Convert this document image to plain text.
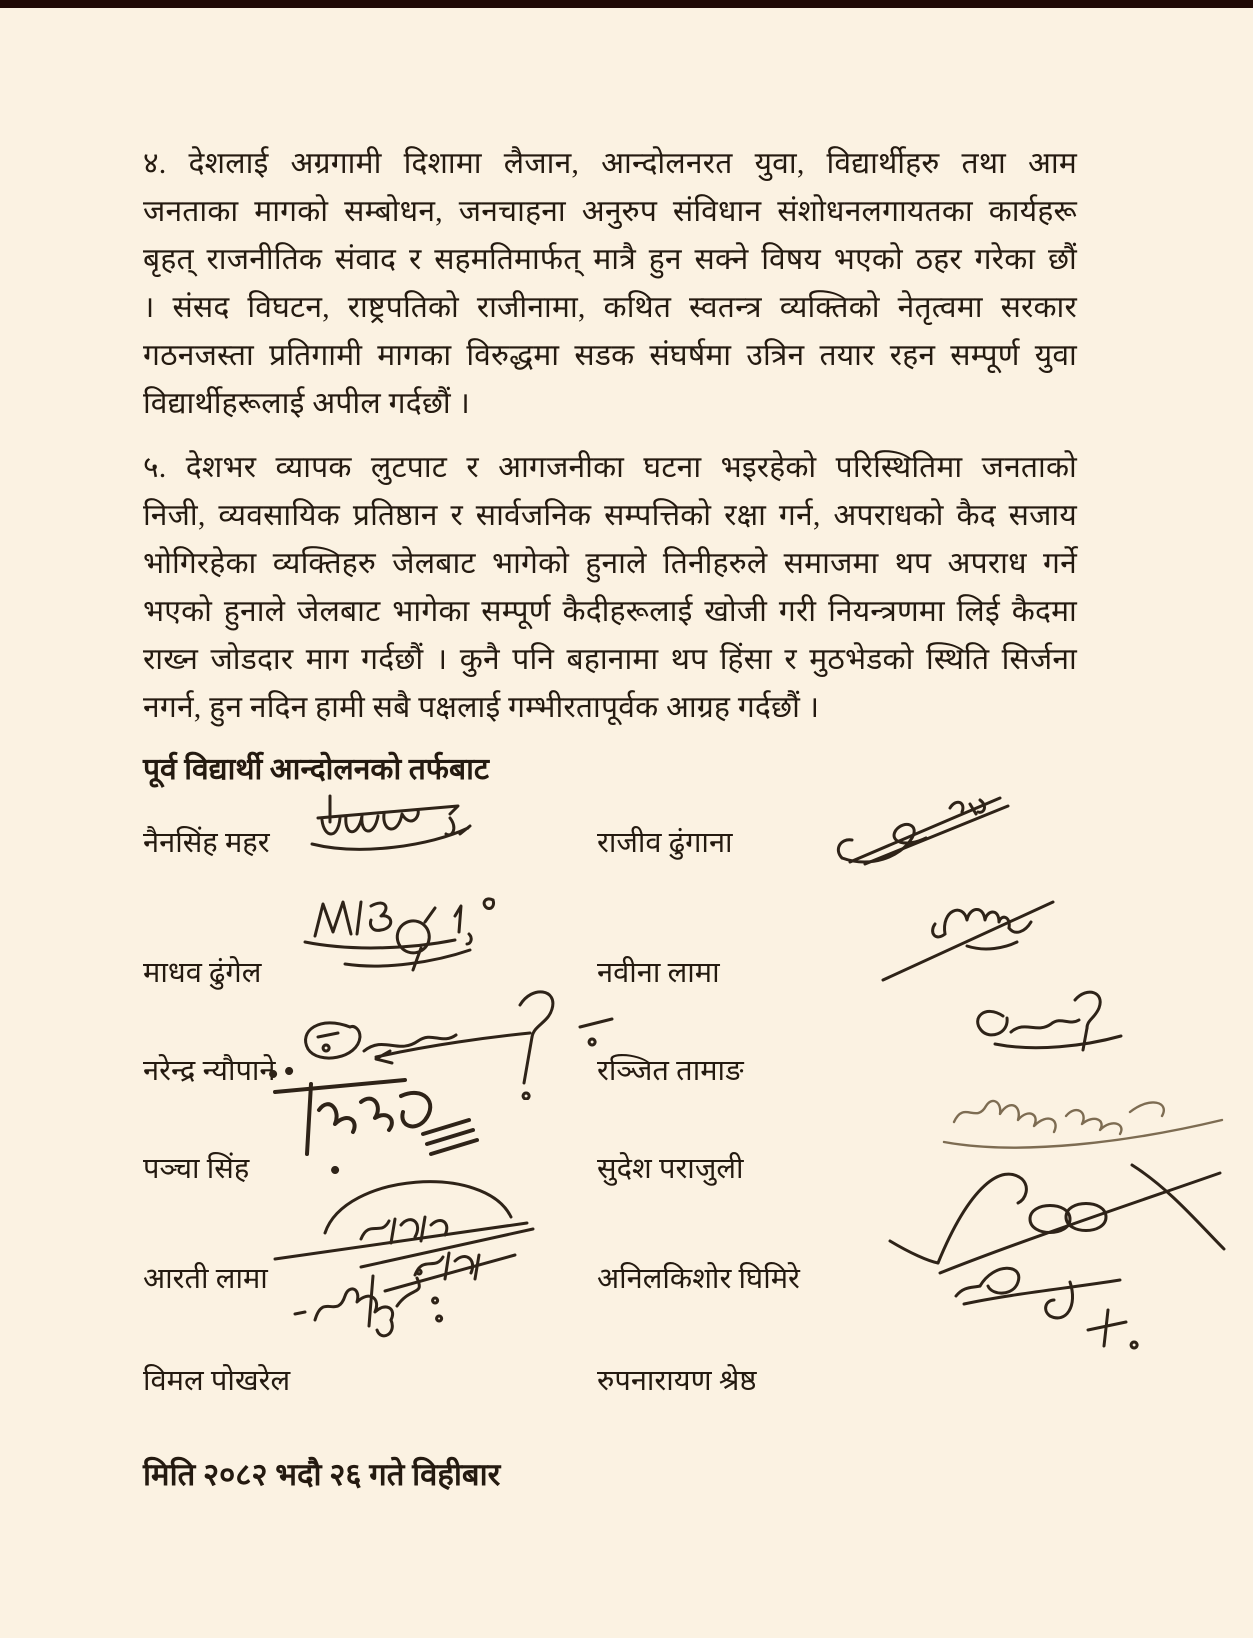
४. देशलाई अग्रगामी दिशामा लैजान, आन्दोलनरत युवा, विद्यार्थीहरु तथा आम
जनताका मागको सम्बोधन, जनचाहना अनुरुप संविधान संशोधनलगायतका कार्यहरू
बृहत् राजनीतिक संवाद र सहमतिमार्फत् मात्रै हुन सक्ने विषय भएको ठहर गरेका छौं
। संसद विघटन, राष्ट्रपतिको राजीनामा, कथित स्वतन्त्र व्यक्तिको नेतृत्वमा सरकार
गठनजस्ता प्रतिगामी मागका विरुद्धमा सडक संघर्षमा उत्रिन तयार रहन सम्पूर्ण युवा
विद्यार्थीहरूलाई अपील गर्दछौं ।
५. देशभर व्यापक लुटपाट र आगजनीका घटना भइरहेको परिस्थितिमा जनताको
निजी, व्यवसायिक प्रतिष्ठान र सार्वजनिक सम्पत्तिको रक्षा गर्न, अपराधको कैद सजाय
भोगिरहेका व्यक्तिहरु जेलबाट भागेको हुनाले तिनीहरुले समाजमा थप अपराध गर्ने
भएको हुनाले जेलबाट भागेका सम्पूर्ण कैदीहरूलाई खोजी गरी नियन्त्रणमा लिई कैदमा
राख्न जोडदार माग गर्दछौं । कुनै पनि बहानामा थप हिंसा र मुठभेडको स्थिति सिर्जना
नगर्न, हुन नदिन हामी सबै पक्षलाई गम्भीरतापूर्वक आग्रह गर्दछौं ।
पूर्व विद्यार्थी आन्दोलनको तर्फबाट
नैनसिंह महर	राजीव ढुंगाना
माधव ढुंगेल	नवीना लामा
नरेन्द्र न्यौपाने	रञ्जित तामाङ
पञ्चा सिंह	सुदेश पराजुली
आरती लामा	अनिलकिशोर घिमिरे
विमल पोखरेल	रुपनारायण श्रेष्ठ
मिति २०८२ भदौ २६ गते विहीबार
